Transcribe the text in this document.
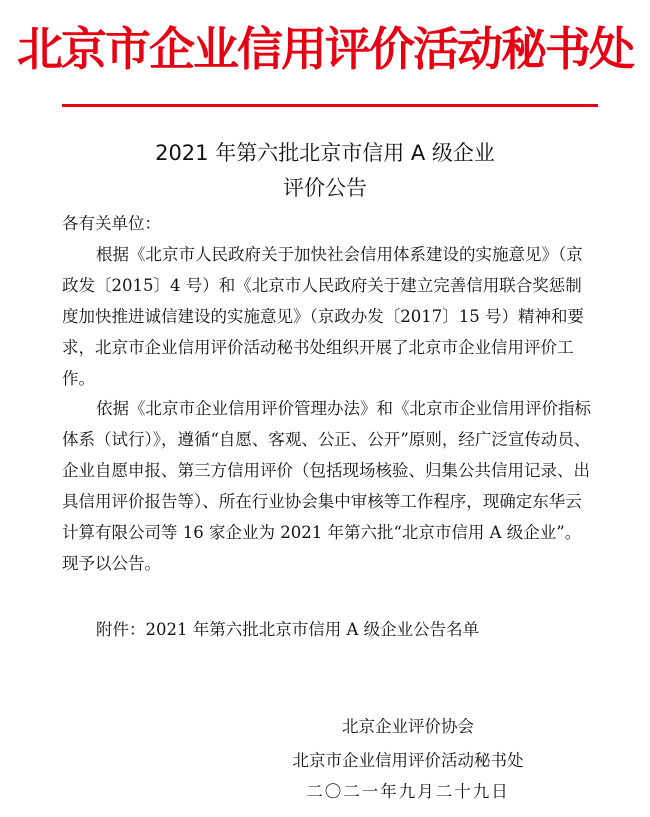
北京市企业信用评价活动秘书处
2021 年第六批北京市信用 A 级企业
评价公告

各有关单位：

根据《北京市人民政府关于加快社会信用体系建设的实施意见》（京政发〔2015〕4 号）和《北京市人民政府关于建立完善信用联合奖惩制度加快推进诚信建设的实施意见》（京政办发〔2017〕15 号）精神和要求，北京市企业信用评价活动秘书处组织开展了北京市企业信用评价工作。

依据《北京市企业信用评价管理办法》和《北京市企业信用评价指标体系（试行）》，遵循“自愿、客观、公正、公开”原则，经广泛宣传动员、企业自愿申报、第三方信用评价（包括现场核验、归集公共信用记录、出具信用评价报告等）、所在行业协会集中审核等工作程序，现确定东华云计算有限公司等 16 家企业为 2021 年第六批“北京市信用 A 级企业”。现予以公告。

附件：2021 年第六批北京市信用 A 级企业公告名单

北京企业评价协会
北京市企业信用评价活动秘书处
二〇二一年九月二十九日
